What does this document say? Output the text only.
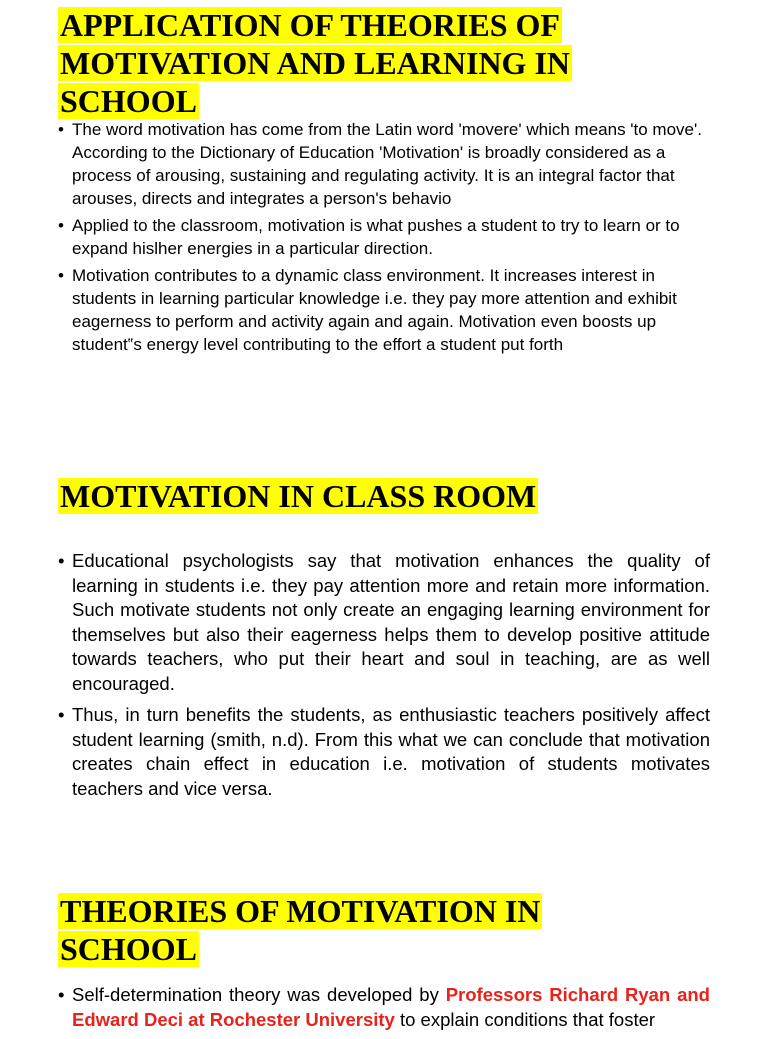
APPLICATION OF THEORIES OF
MOTIVATION AND LEARNING IN
SCHOOL
• The word motivation has come from the Latin word 'movere' which means 'to move'. According to the Dictionary of Education 'Motivation' is broadly considered as a process of arousing, sustaining and regulating activity. It is an integral factor that arouses, directs and integrates a person's behavio
• Applied to the classroom, motivation is what pushes a student to try to learn or to expand hislher energies in a particular direction.
• Motivation contributes to a dynamic class environment. It increases interest in students in learning particular knowledge i.e. they pay more attention and exhibit eagerness to perform and activity again and again. Motivation even boosts up student‟s energy level contributing to the effort a student put forth
MOTIVATION IN CLASS ROOM
• Educational psychologists say that motivation enhances the quality of learning in students i.e. they pay attention more and retain more information. Such motivate students not only create an engaging learning environment for themselves but also their eagerness helps them to develop positive attitude towards teachers, who put their heart and soul in teaching, are as well encouraged.
• Thus, in turn benefits the students, as enthusiastic teachers positively affect student learning (smith, n.d). From this what we can conclude that motivation creates chain effect in education i.e. motivation of students motivates teachers and vice versa.
THEORIES OF MOTIVATION IN
SCHOOL
• Self-determination theory was developed by Professors Richard Ryan and Edward Deci at Rochester University to explain conditions that foster
